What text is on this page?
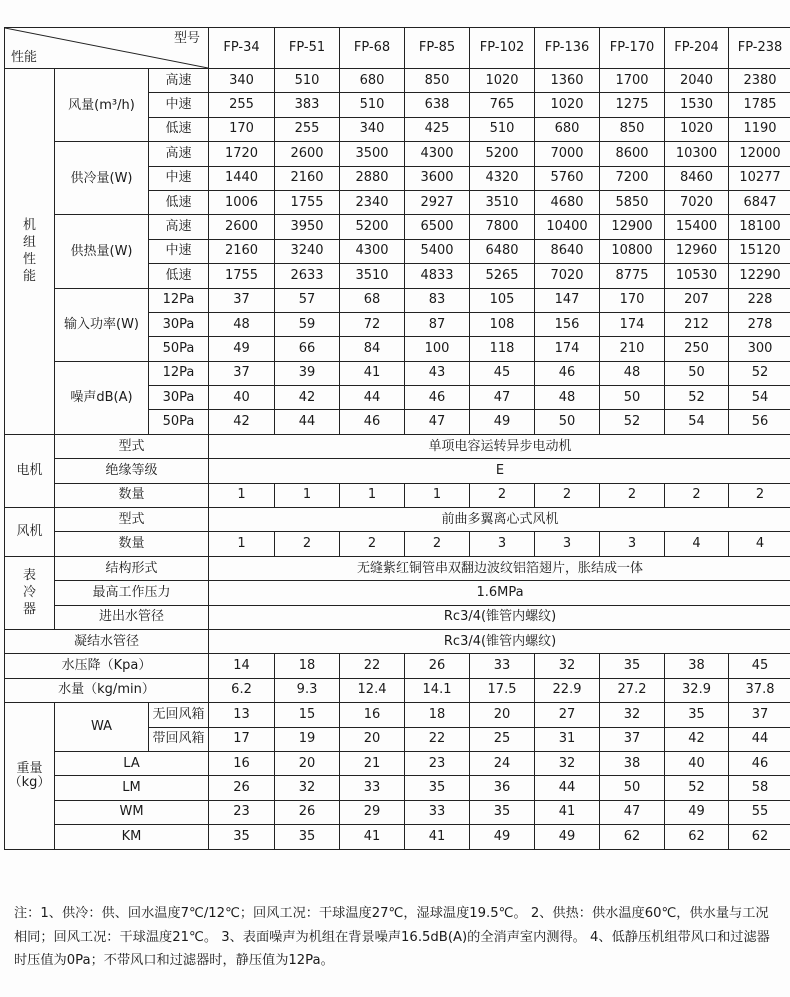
型号
性能			FP-34	FP-51	FP-68	FP-85	FP-102	FP-136	FP-170	FP-204	FP-238
机组性能	风量(m³/h)	高速	340	510	680	850	1020	1360	1700	2040	2380
		中速	255	383	510	638	765	1020	1275	1530	1785
		低速	170	255	340	425	510	680	850	1020	1190
	供冷量(W)	高速	1720	2600	3500	4300	5200	7000	8600	10300	12000
		中速	1440	2160	2880	3600	4320	5760	7200	8460	10277
		低速	1006	1755	2340	2927	3510	4680	5850	7020	6847
	供热量(W)	高速	2600	3950	5200	6500	7800	10400	12900	15400	18100
		中速	2160	3240	4300	5400	6480	8640	10800	12960	15120
		低速	1755	2633	3510	4833	5265	7020	8775	10530	12290
	输入功率(W)	12Pa	37	57	68	83	105	147	170	207	228
		30Pa	48	59	72	87	108	156	174	212	278
		50Pa	49	66	84	100	118	174	210	250	300
	噪声dB(A)	12Pa	37	39	41	43	45	46	48	50	52
		30Pa	40	42	44	46	47	48	50	52	54
		50Pa	42	44	46	47	49	50	52	54	56
电机	型式		单项电容运转异步电动机								
	绝缘等级		E								
	数量		1	1	1	1	2	2	2	2	2
风机	型式		前曲多翼离心式风机								
	数量		1	2	2	2	3	3	3	4	4
表冷器	结构形式		无缝紫红铜管串双翻边波纹铝箔翅片，胀结成一体								
	最高工作压力		1.6MPa								
	进出水管径		Rc3/4(锥管内螺纹)								
凝结水管径			Rc3/4(锥管内螺纹)								
水压降（Kpa）			14	18	22	26	33	32	35	38	45
水量（kg/min）			6.2	9.3	12.4	14.1	17.5	22.9	27.2	32.9	37.8

重量
（kg）	WA	无回风箱	13	15	16	18	20	27	32	35	37
		带回风箱	17	19	20	22	25	31	37	42	44
	LA		16	20	21	23	24	32	38	40	46
	LM		26	32	33	35	36	44	50	52	58
	WM		23	26	29	33	35	41	47	49	55
	KM		35	35	41	41	49	49	62	62	62
注：1、供冷：供、回水温度7℃/12℃；回风工况：干球温度27℃，湿球温度19.5℃。 2、供热：供水温度60℃，供水量与工况相同；回风工况：干球温度21℃。 3、表面噪声为机组在背景噪声16.5dB(A)的全消声室内测得。 4、低静压机组带风口和过滤器时压值为0Pa；不带风口和过滤器时，静压值为12Pa。
